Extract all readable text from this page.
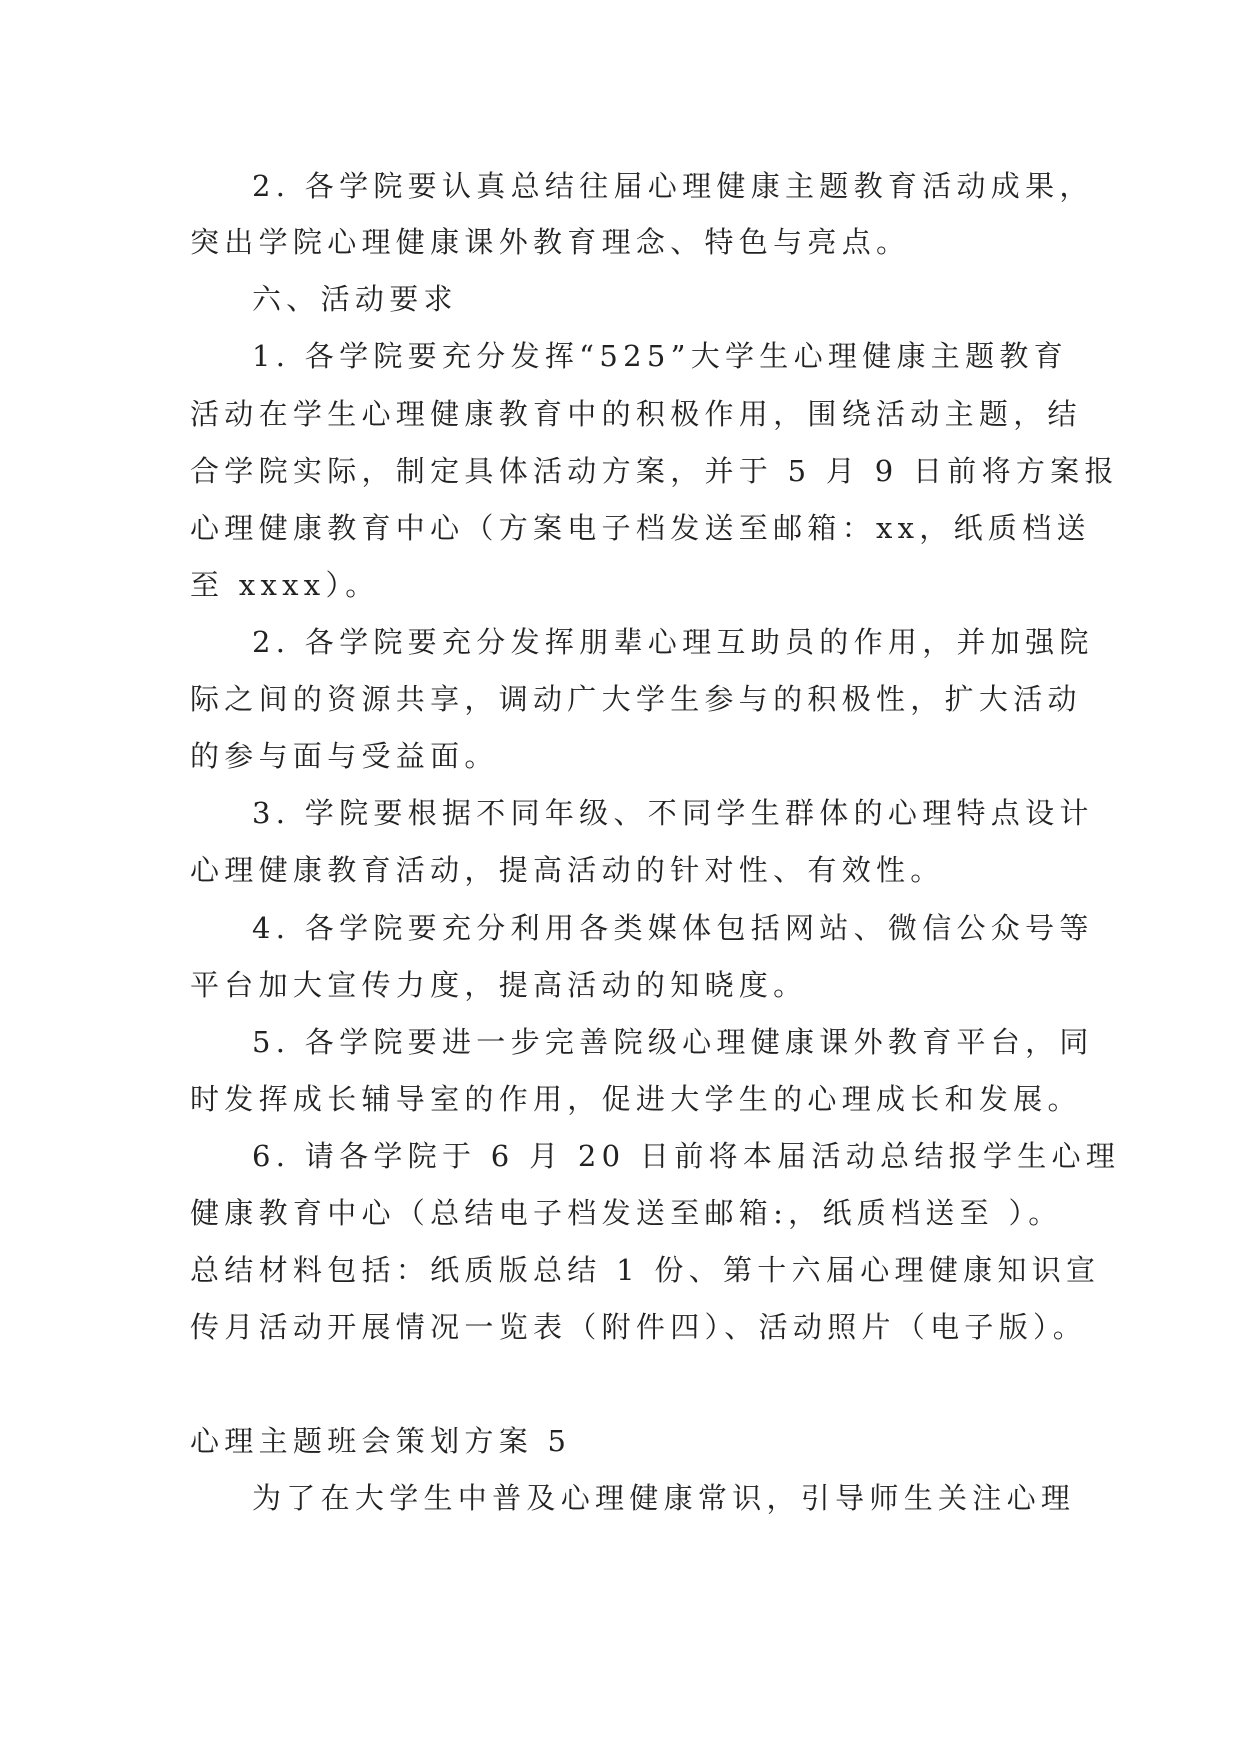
2. 各学院要认真总结往届心理健康主题教育活动成果，
突出学院心理健康课外教育理念、特色与亮点。
六、活动要求
1. 各学院要充分发挥“525”大学生心理健康主题教育
活动在学生心理健康教育中的积极作用，围绕活动主题，结
合学院实际，制定具体活动方案，并于 5 月 9 日前将方案报
心理健康教育中心（方案电子档发送至邮箱：xx，纸质档送
至 xxxx）。
2. 各学院要充分发挥朋辈心理互助员的作用，并加强院
际之间的资源共享，调动广大学生参与的积极性，扩大活动
的参与面与受益面。
3. 学院要根据不同年级、不同学生群体的心理特点设计
心理健康教育活动，提高活动的针对性、有效性。
4. 各学院要充分利用各类媒体包括网站、微信公众号等
平台加大宣传力度，提高活动的知晓度。
5. 各学院要进一步完善院级心理健康课外教育平台，同
时发挥成长辅导室的作用，促进大学生的心理成长和发展。
6. 请各学院于 6 月 20 日前将本届活动总结报学生心理
健康教育中心（总结电子档发送至邮箱:，纸质档送至 ）。
总结材料包括：纸质版总结 1 份、第十六届心理健康知识宣
传月活动开展情况一览表（附件四）、活动照片（电子版）。
心理主题班会策划方案 5
为了在大学生中普及心理健康常识，引导师生关注心理
